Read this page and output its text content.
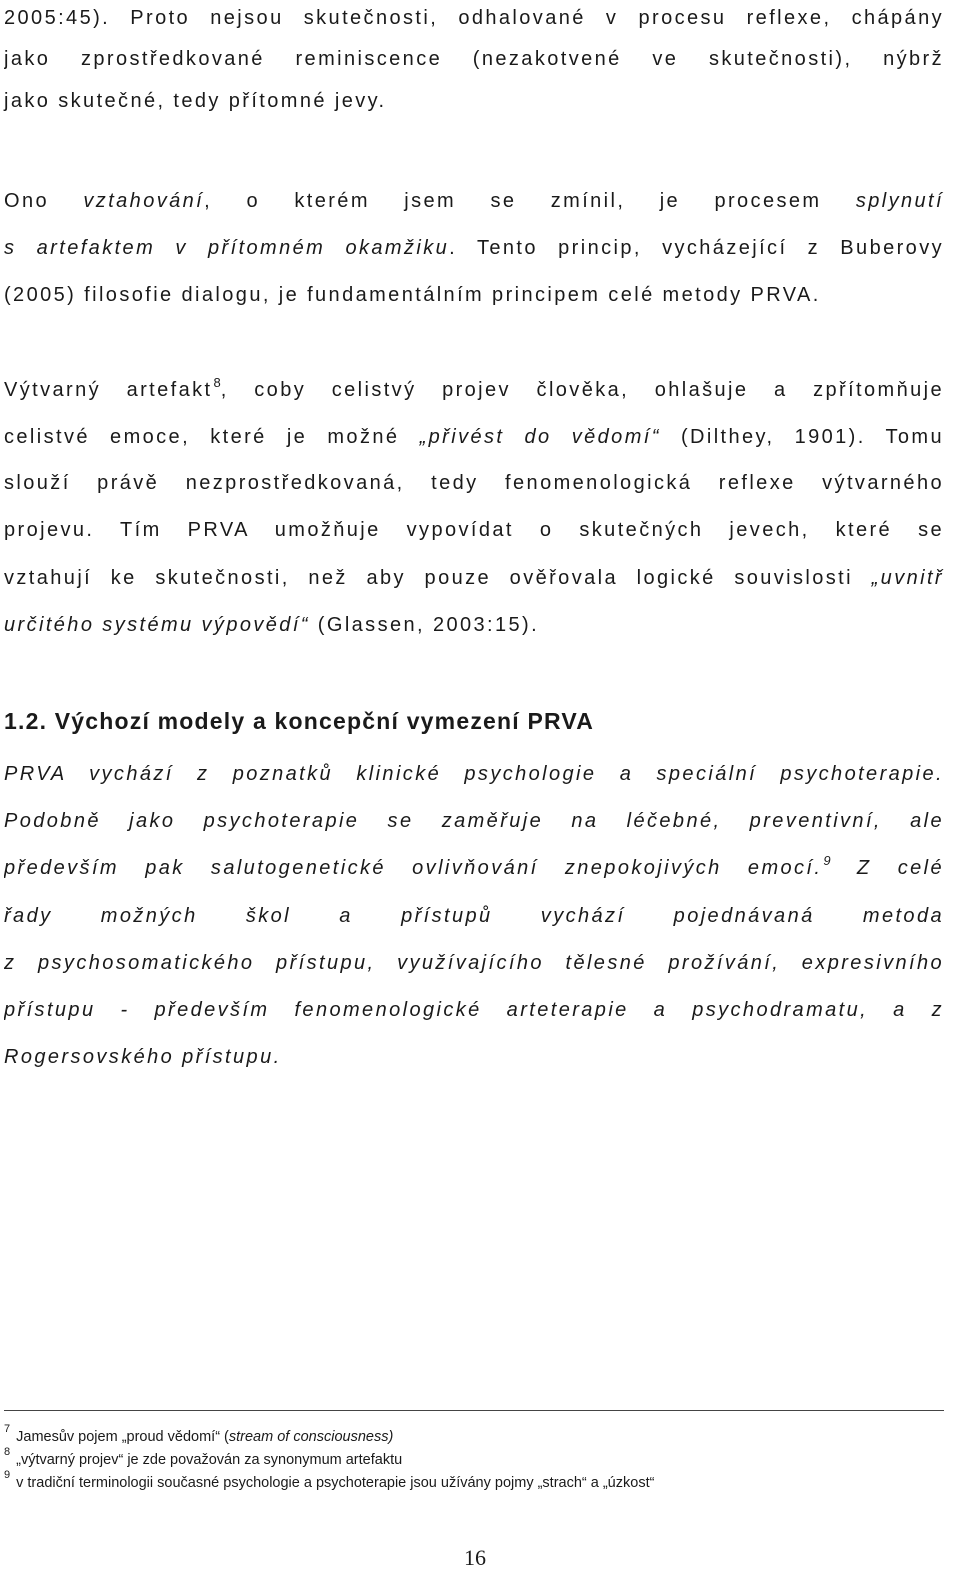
2005:45). Proto nejsou skutečnosti, odhalované v procesu reflexe, chápány
jako zprostředkované reminiscence (nezakotvené ve skutečnosti), nýbrž
jako skutečné, tedy přítomné jevy.
Ono vztahování, o kterém jsem se zmínil, je procesem splynutí
s artefaktem v přítomném okamžiku. Tento princip, vycházející z Buberovy
(2005) filosofie dialogu, je fundamentálním principem celé metody PRVA.
Výtvarný artefakt$^8$, coby celistvý projev člověka, ohlašuje a zpřítomňuje
celistvé emoce, které je možné „přivést do vědomí“ (Dilthey, 1901). Tomu
slouží právě nezprostředkovaná, tedy fenomenologická reflexe výtvarného
projevu. Tím PRVA umožňuje vypovídat o skutečných jevech, které se
vztahují ke skutečnosti, než aby pouze ověřovala logické souvislosti „uvnitř
určitého systému výpovědí“ (Glassen, 2003:15).
1.2. Výchozí modely a koncepční vymezení PRVA
PRVA vychází z poznatků klinické psychologie a speciální psychoterapie.
Podobně jako psychoterapie se zaměřuje na léčebné, preventivní, ale
především pak salutogenetické ovlivňování znepokojivých emocí.$^9$ Z celé
řady možných škol a přístupů vychází pojednávaná metoda
z psychosomatického přístupu, využívajícího tělesné prožívání, expresivního
přístupu - především fenomenologické arteterapie a psychodramatu, a z
Rogersovského přístupu.
$^7$ Jamesův pojem „proud vědomí“ (stream of consciousness)
$^8$ „výtvarný projev“ je zde považován za synonymum artefaktu
$^9$ v tradiční terminologii současné psychologie a psychoterapie jsou užívány pojmy „strach“ a „úzkost“
16
